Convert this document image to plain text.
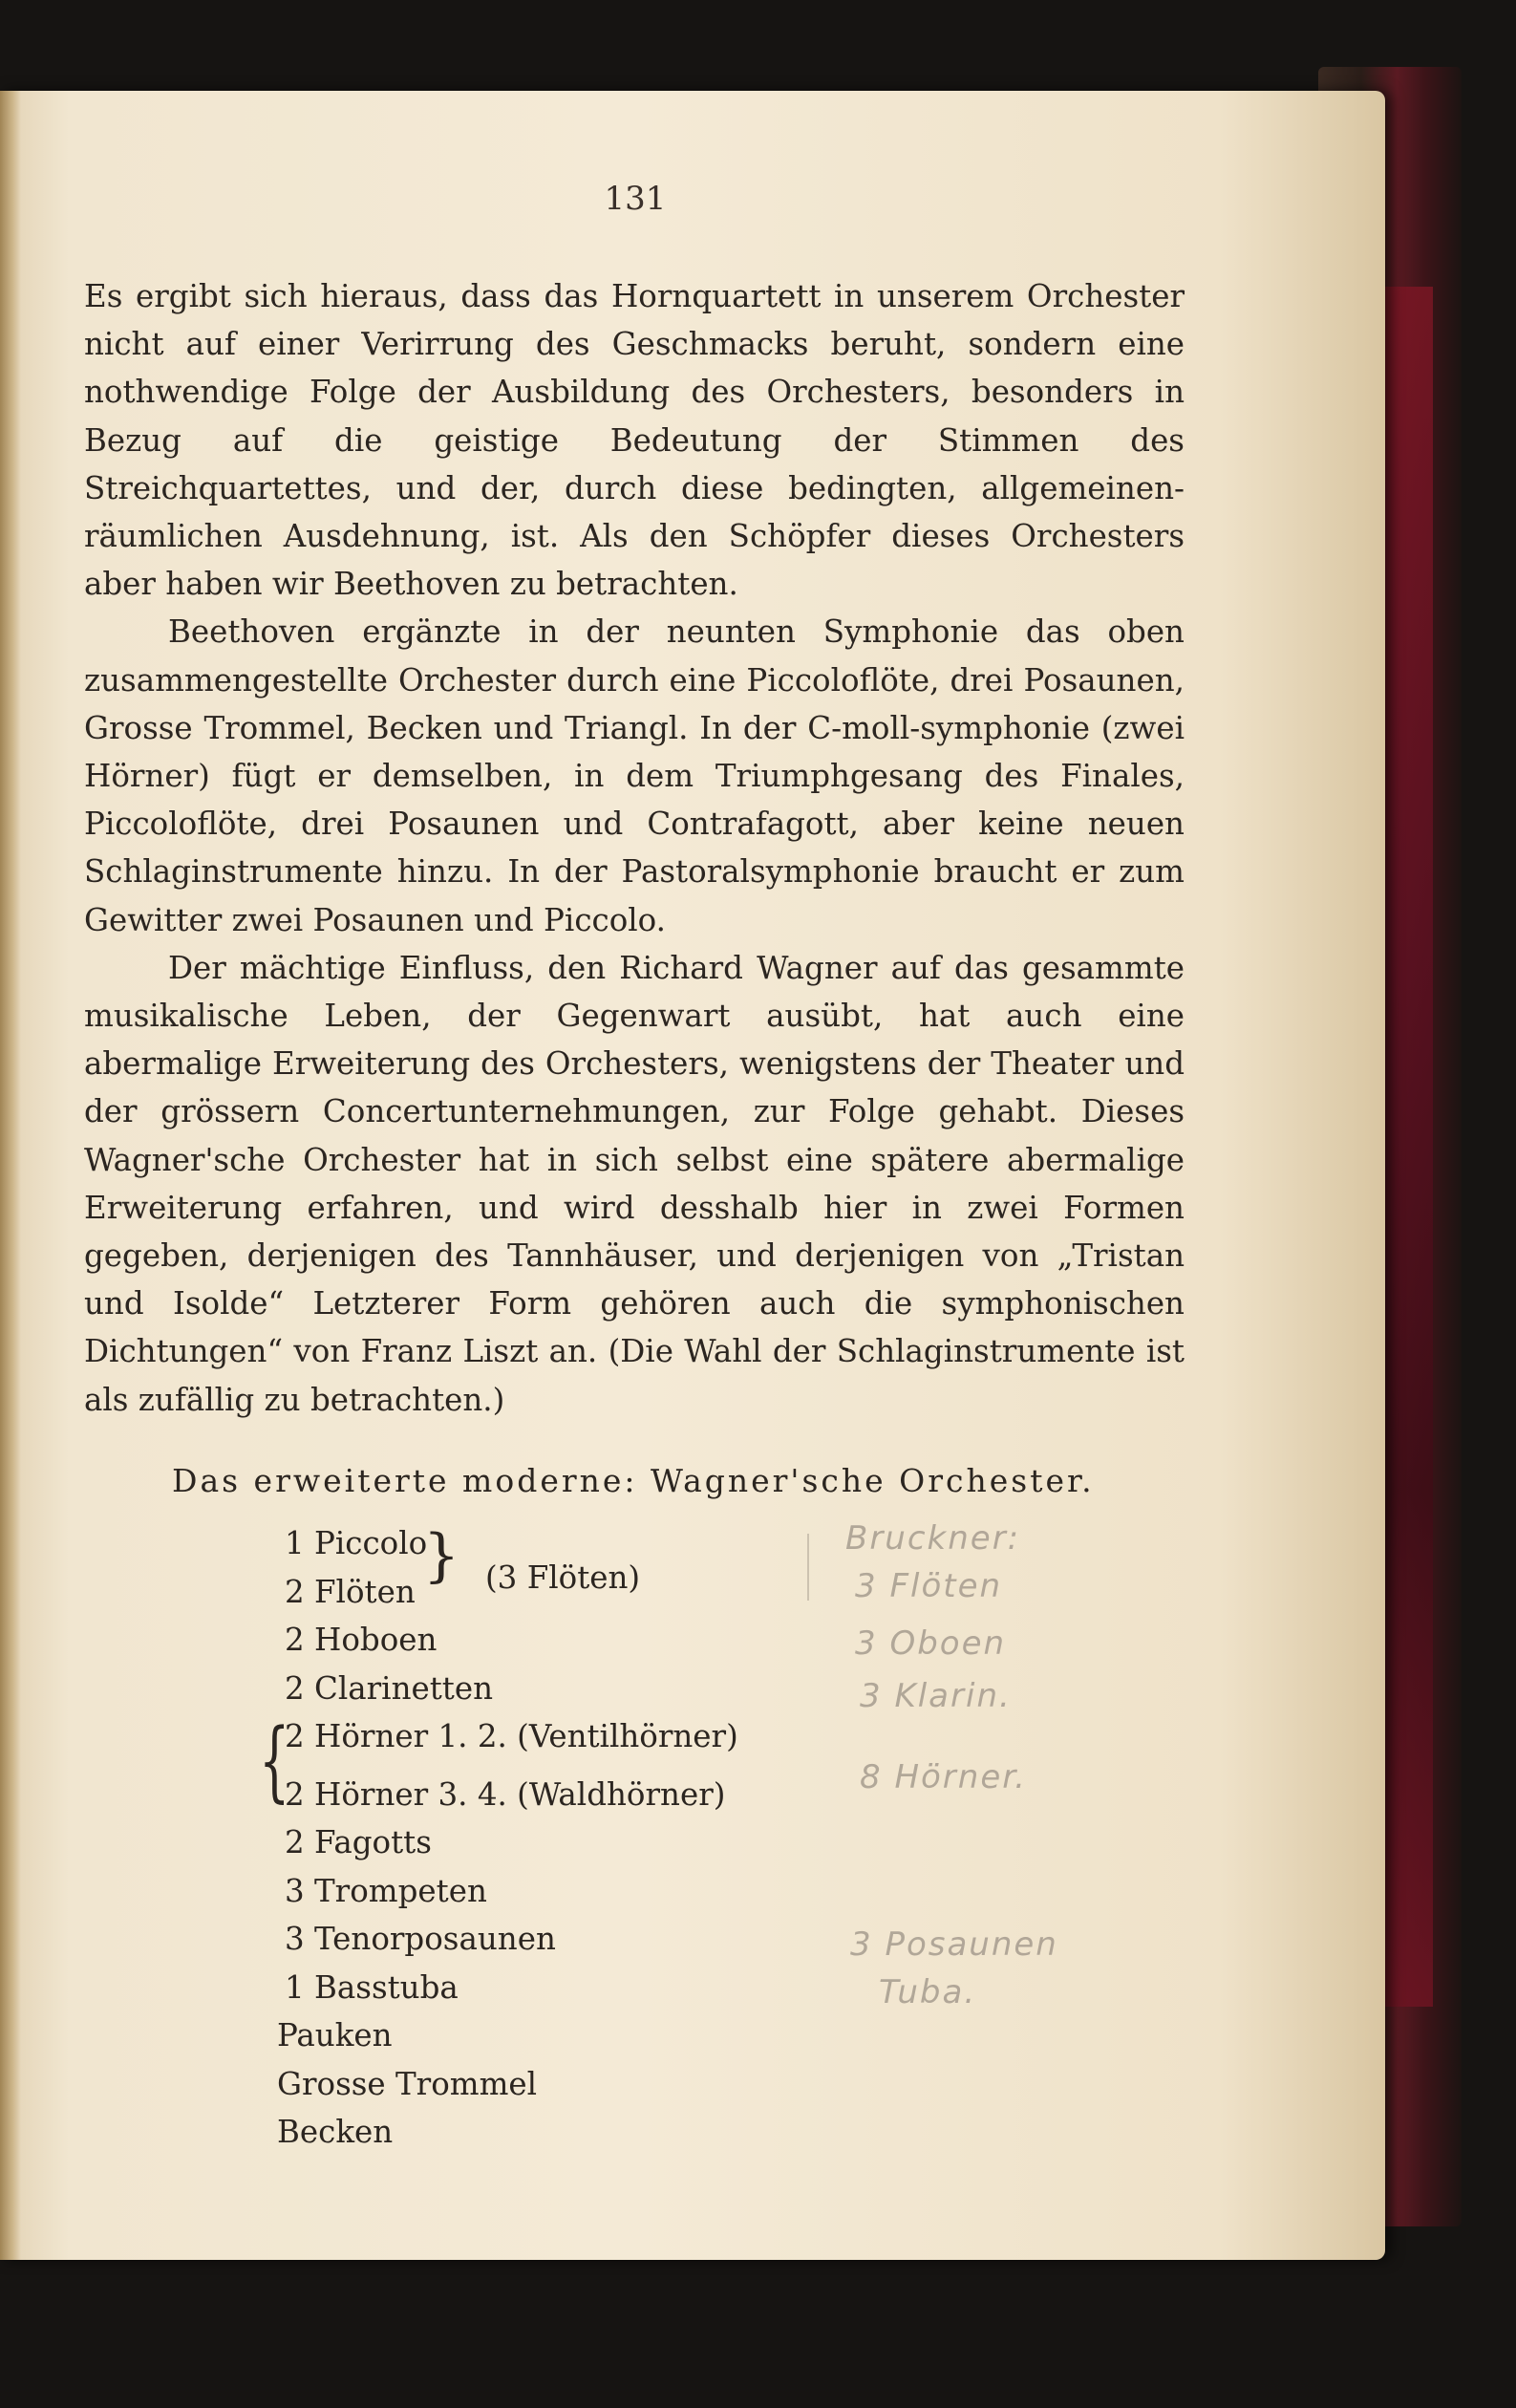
131

Es ergibt sich hieraus, dass das Hornquartett in unserem Orchester nicht auf einer Verirrung des Geschmacks beruht, sondern eine nothwendige Folge der Ausbildung des Orchesters, besonders in Bezug auf die geistige Bedeutung der Stimmen des Streichquartettes, und der, durch diese bedingten, allgemeinen-räumlichen Ausdehnung, ist. Als den Schöpfer dieses Orchesters aber haben wir Beethoven zu betrachten.

Beethoven ergänzte in der neunten Symphonie das oben zusammengestellte Orchester durch eine Piccoloflöte, drei Posaunen, Grosse Trommel, Becken und Triangl. In der C-moll-symphonie (zwei Hörner) fügt er demselben, in dem Triumphgesang des Finales, Piccoloflöte, drei Posaunen und Contrafagott, aber keine neuen Schlaginstrumente hinzu. In der Pastoralsymphonie braucht er zum Gewitter zwei Posaunen und Piccolo.

Der mächtige Einfluss, den Richard Wagner auf das gesammte musikalische Leben, der Gegenwart ausübt, hat auch eine abermalige Erweiterung des Orchesters, wenigstens der Theater und der grössern Concertunternehmungen, zur Folge gehabt. Dieses Wagner'sche Orchester hat in sich selbst eine spätere abermalige Erweiterung erfahren, und wird desshalb hier in zwei Formen gegeben, derjenigen des Tannhäuser, und derjenigen von „Tristan und Isolde“ Letzterer Form gehören auch die symphonischen Dichtungen“ von Franz Liszt an. (Die Wahl der Schlaginstrumente ist als zufällig zu betrachten.)

Das erweiterte moderne: Wagner'sche Orchester.
} (3 Flöten)
{
1 Piccolo
2 Flöten
2 Hoboen
2 Clarinetten
2 Hörner 1. 2. (Ventilhörner)
2 Hörner 3. 4. (Waldhörner)
2 Fagotts
3 Trompeten
3 Tenorposaunen
1 Basstuba
Pauken
Grosse Trommel
Becken
Bruckner:
3 Flöten
3 Oboen
3 Klarin.
8 Hörner.
3 Posaunen
Tuba.
